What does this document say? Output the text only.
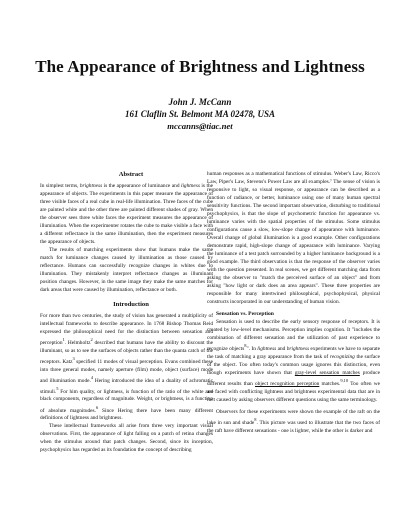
The Appearance of Brightness and Lightness
John J. McCann
161 Claflin St. Belmont MA 02478, USA
mccanns@tiac.net

Abstract

In simplest terms, brightness is the appearance of luminance and lightness is the appearance of objects. The experiments in this paper measure the appearance of three visible faces of a real cube in real-life illumination. Three faces of the cube are painted white and the other three are painted different shades of gray. When the observer sees three white faces the experiment measures the appearance of illumination. When the experimenter rotates the cube to make visible a face with a different reflectance in the same illumination, then the experiment measures the appearance of objects.

The results of matching experiments show that humans make the same match for luminance changes caused by illumination as those caused by reflectance. Humans can successfully recognize changes in whites due to illumination. They mistakenly interpret reflectance changes as illuminant position changes. However, in the same image they make the same matches for dark areas that were caused by illumination, reflectance or both.

Introduction

For more than two centuries, the study of vision has generated a multiplicity of intellectual frameworks to describe appearance. In 1768 Bishop Thomas Reid expressed the philosophical need for the distinction between sensation and perception$^1$. Helmholtz$^2$ described that humans have the ability to discount the illuminant, so as to see the surfaces of objects rather than the quanta catch of the receptors. Katz$^3$ specified 11 modes of visual perception. Evans combined these into three general modes, namely aperture (film) mode, object (surface) mode and illumination mode.$^4$ Hering introduced the idea of a duality of achromatic stimuli.$^5$ For him quality, or lightness, is function of the ratio of the white and black components, regardless of magnitude. Weight, or brightness, is a function of absolute magnitudes.$^6$ Since Hering there have been many different definitions of lightness and brightness.

These intellectual frameworks all arise from three very important visual observations. First, the appearance of light falling on a patch of retina changes when the stimulus around that patch changes. Second, since its inception, psychophysics has regarded as its foundation the concept of describing

human responses as a mathematical functions of stimulus. Weber's Law, Ricco's Law, Piper's Law, Stevens's Power Law are all examples.⁷ The sense of vision is responsive to light, so visual response, or appearance can be described as a function of radiance, or better, luminance using one of many human spectral sensitivity functions. The second important observation, disturbing to traditional psychophysics, is that the slope of psychometric function for appearance vs. luminance varies with the spatial properties of the stimulus. Some stimulus configurations cause a slow, low-slope change of appearance with luminance. Overall change of global illumination is a good example. Other configurations demonstrate rapid, high-slope change of appearance with luminance. Varying the luminance of a test patch surrounded by a higher luminance background is a good example. The third observation is that the response of the observer varies with the question presented. In real scenes, we get different matching data from asking the observer to "match the perceived surface of an object" and from asking "how light or dark does an area appears". These three properties are responsible for many intertwined philosophical, psychophysical, physical constructs incorporated in our understanding of human vision.

Sensation vs. Perception

Sensation is used to describe the early sensory response of receptors. It is created by low-level mechanisms. Perception implies cognition. It "includes the combination of different sensation and the utilization of past experience to recognize objects$^8$". In lightness and brightness experiments we have to separate the task of matching a gray appearance from the task of recognizing the surface of the object. Too often today's common usage ignores this distinction, even though experiments have shown that gray-level sensation matches produce different results than object recognition perception matches.$^{9,10}$ Too often we are faced with conflicting lightness and brightness experimental data that are in fact caused by asking observers different questions using the same terminology.

Observers for these experiments were shown the example of the raft on the lake in sun and shade$^8$. This picture was used to illustrate that the two faces of the raft have different sensations - one is lighter, while the other is darker and
